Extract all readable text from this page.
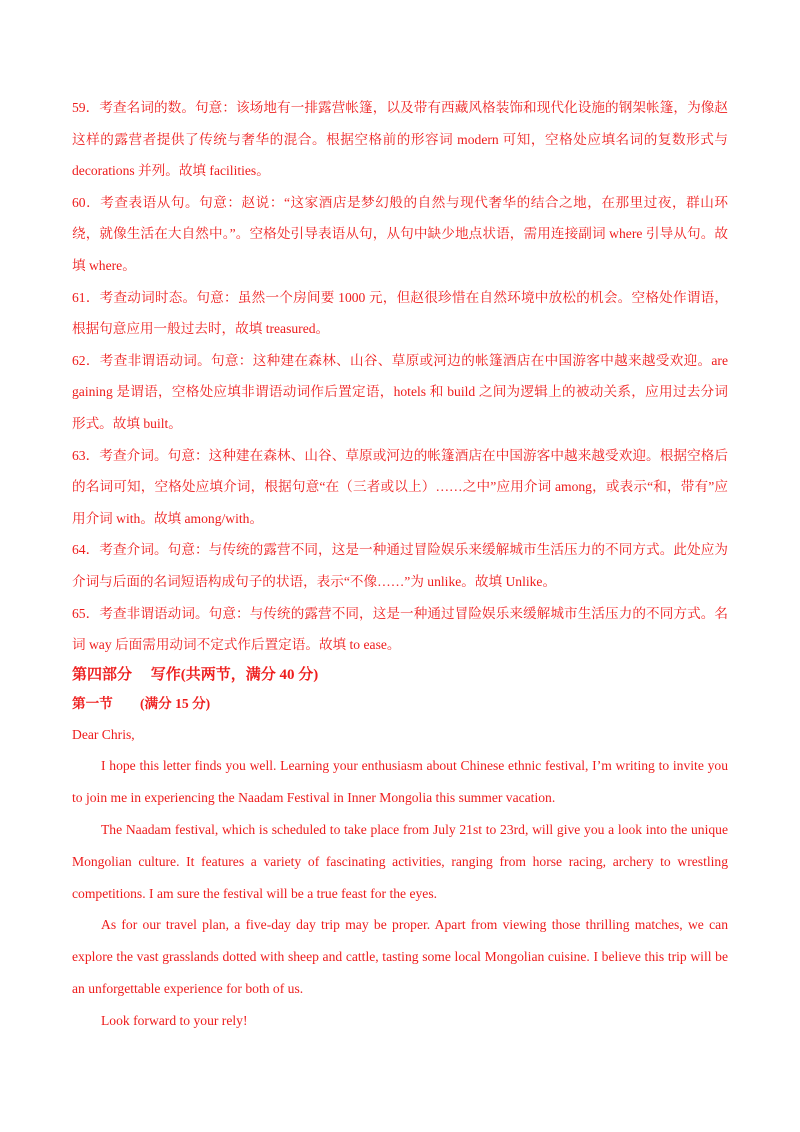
59．考查名词的数。句意：该场地有一排露营帐篷，以及带有西藏风格装饰和现代化设施的钢架帐篷，为像赵这样的露营者提供了传统与奢华的混合。根据空格前的形容词 modern 可知，空格处应填名词的复数形式与 decorations 并列。故填 facilities。

60．考查表语从句。句意：赵说：“这家酒店是梦幻般的自然与现代奢华的结合之地，在那里过夜，群山环绕，就像生活在大自然中。”。空格处引导表语从句，从句中缺少地点状语，需用连接副词 where 引导从句。故填 where。

61．考查动词时态。句意：虽然一个房间要 1000 元，但赵很珍惜在自然环境中放松的机会。空格处作谓语，根据句意应用一般过去时，故填 treasured。

62．考查非谓语动词。句意：这种建在森林、山谷、草原或河边的帐篷酒店在中国游客中越来越受欢迎。are gaining 是谓语，空格处应填非谓语动词作后置定语，hotels 和 build 之间为逻辑上的被动关系，应用过去分词形式。故填 built。

63．考查介词。句意：这种建在森林、山谷、草原或河边的帐篷酒店在中国游客中越来越受欢迎。根据空格后的名词可知，空格处应填介词，根据句意“在（三者或以上）……之中”应用介词 among，或表示“和，带有”应用介词 with。故填 among/with。

64．考查介词。句意：与传统的露营不同，这是一种通过冒险娱乐来缓解城市生活压力的不同方式。此处应为介词与后面的名词短语构成句子的状语，表示“不像……”为 unlike。故填 Unlike。

65．考查非谓语动词。句意：与传统的露营不同，这是一种通过冒险娱乐来缓解城市生活压力的不同方式。名词 way 后面需用动词不定式作后置定语。故填 to ease。

第四部分　 写作(共两节，满分 40 分)
第一节　　(满分 15 分)

Dear Chris,

I hope this letter finds you well. Learning your enthusiasm about Chinese ethnic festival, I’m writing to invite you to join me in experiencing the Naadam Festival in Inner Mongolia this summer vacation.

The Naadam festival, which is scheduled to take place from July 21st to 23rd, will give you a look into the unique Mongolian culture. It features a variety of fascinating activities, ranging from horse racing, archery to wrestling competitions. I am sure the festival will be a true feast for the eyes.

As for our travel plan, a five-day day trip may be proper. Apart from viewing those thrilling matches, we can explore the vast grasslands dotted with sheep and cattle, tasting some local Mongolian cuisine. I believe this trip will be an unforgettable experience for both of us.

Look forward to your rely!
